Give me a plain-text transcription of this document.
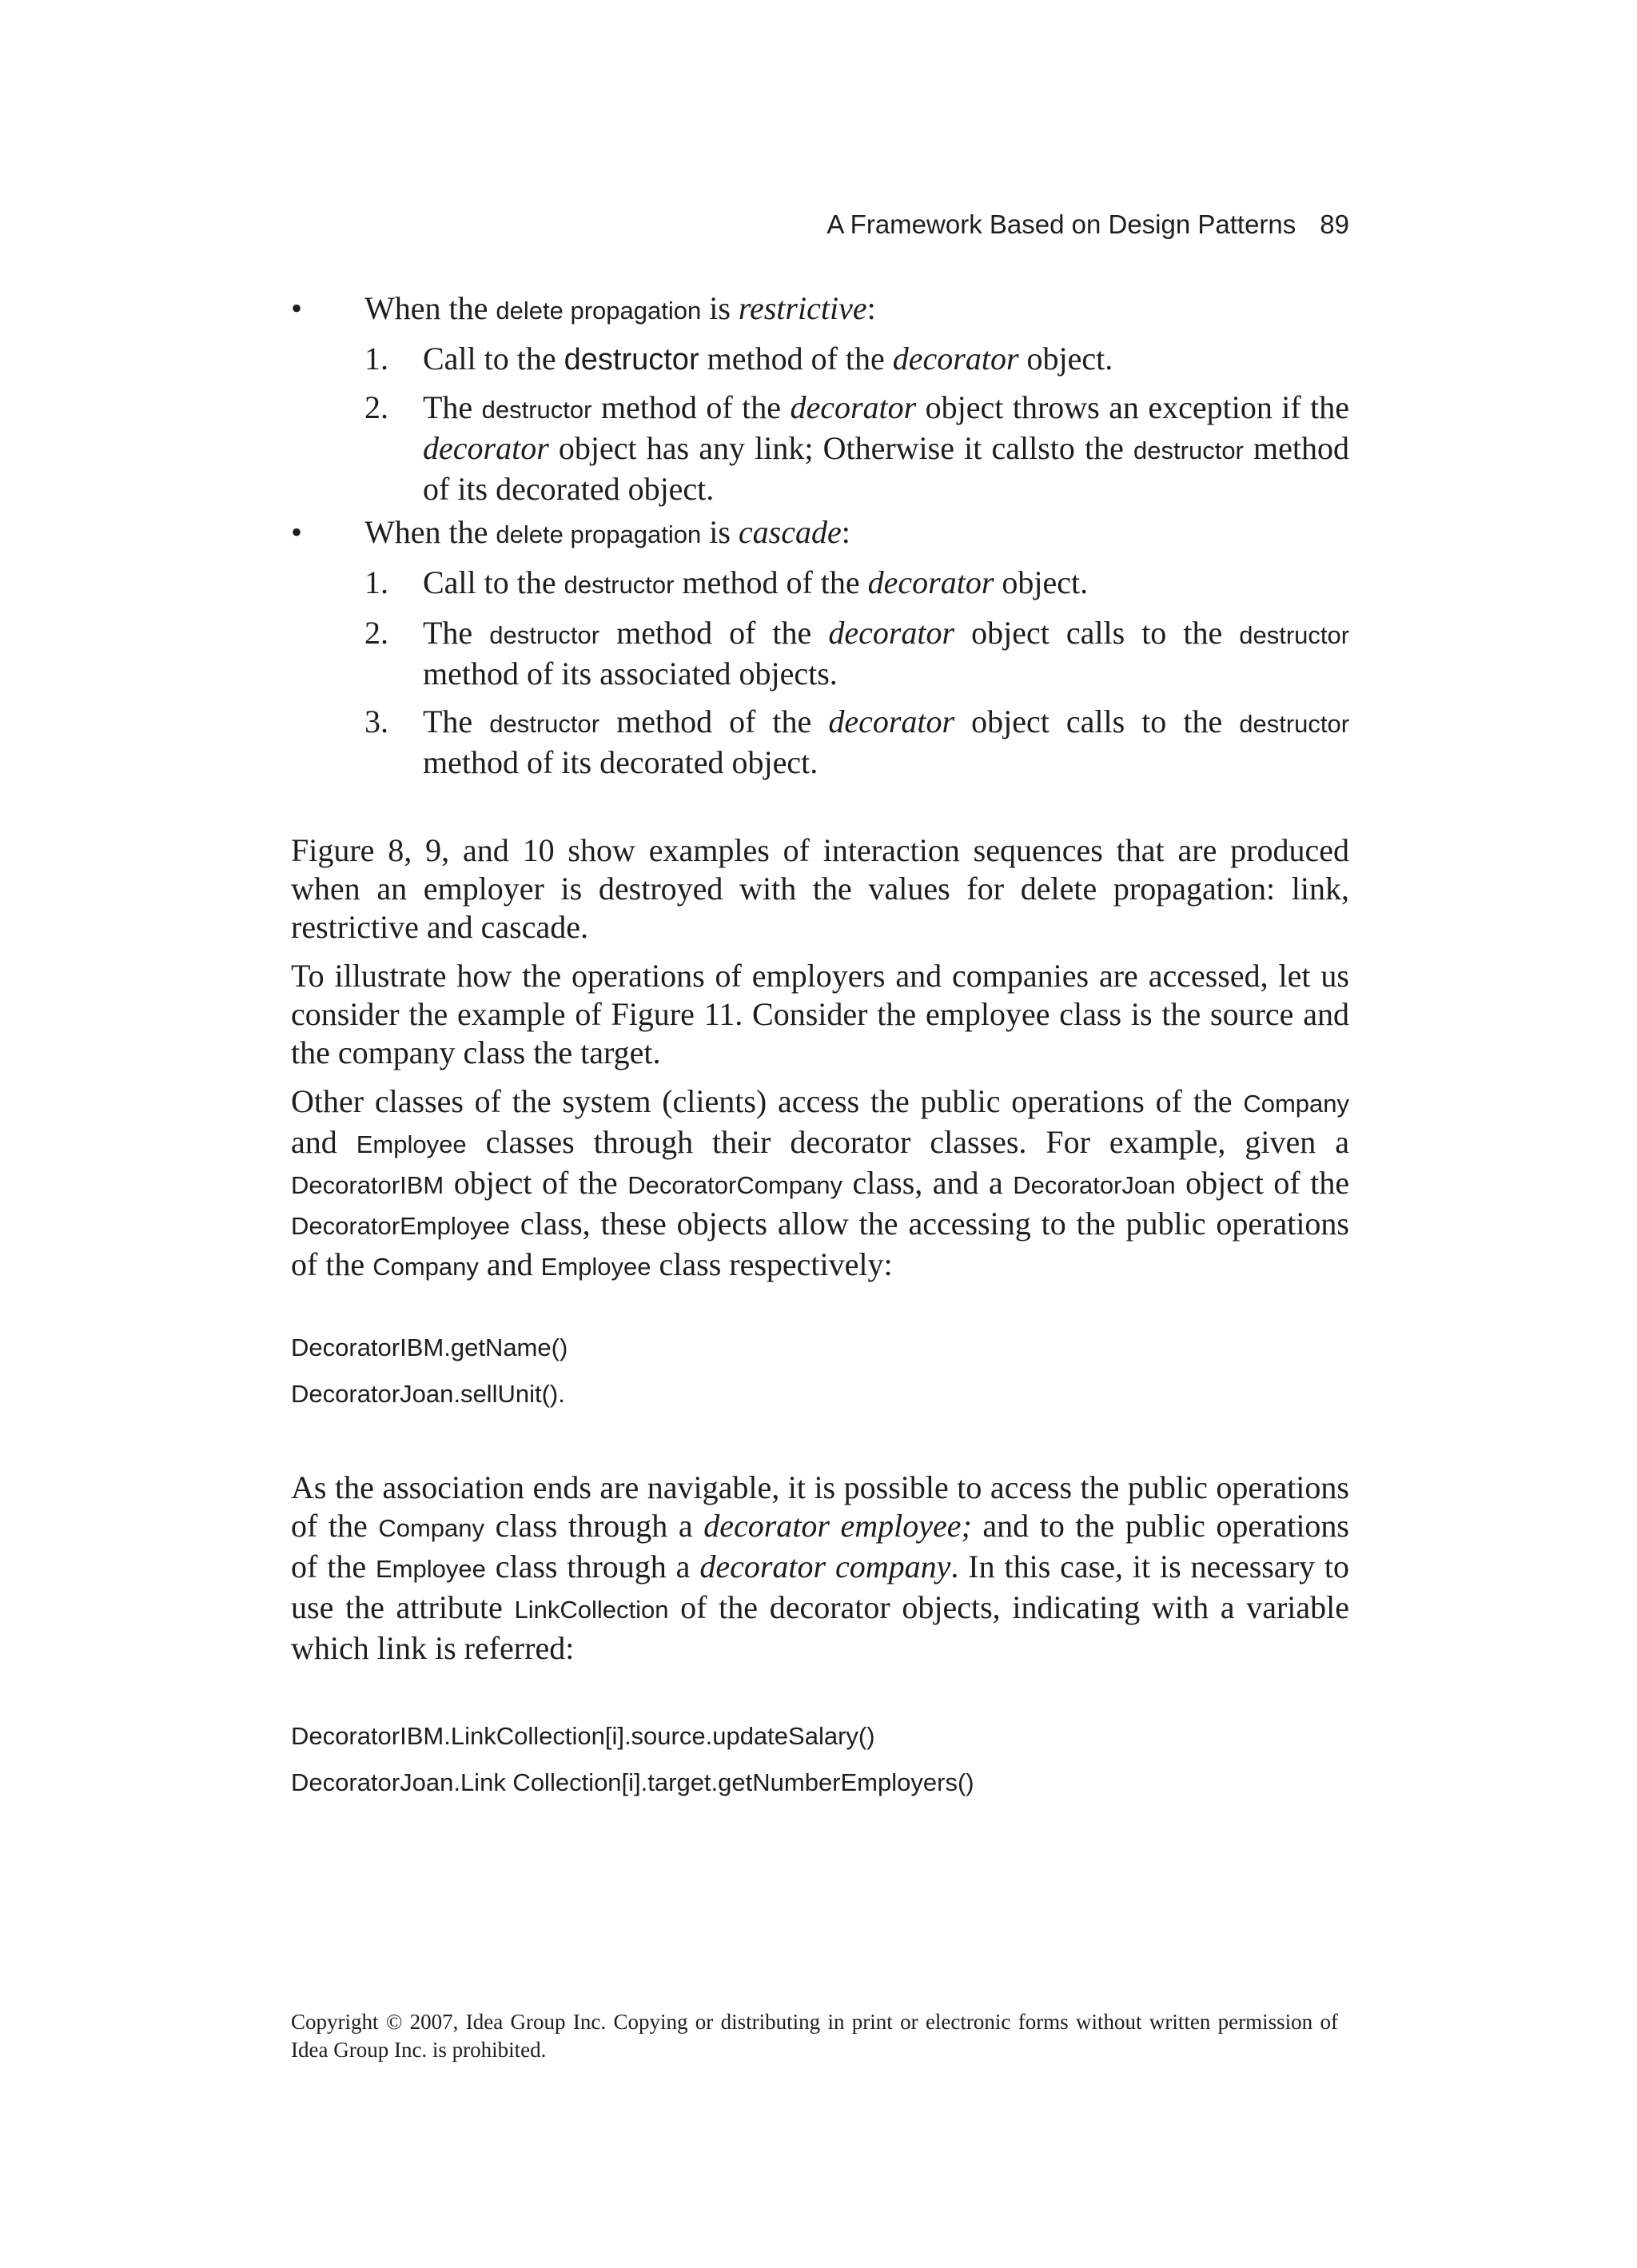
A Framework Based on Design Patterns 89
• When the delete propagation is restrictive:
1. Call to the destructor method of the decorator object.
2. The destructor method of the decorator object throws an exception if the decorator object has any link; Otherwise it callsto the destructor method of its decorated object.
• When the delete propagation is cascade:
1. Call to the destructor method of the decorator object.
2. The destructor method of the decorator object calls to the destructor method of its associated objects.
3. The destructor method of the decorator object calls to the destructor method of its decorated object.

Figure 8, 9, and 10 show examples of interaction sequences that are produced when an employer is destroyed with the values for delete propagation: link, restrictive and cascade.

To illustrate how the operations of employers and companies are accessed, let us consider the example of Figure 11. Consider the employee class is the source and the company class the target.

Other classes of the system (clients) access the public operations of the Company and Employee classes through their decorator classes. For example, given a DecoratorIBM object of the DecoratorCompany class, and a DecoratorJoan object of the DecoratorEmployee class, these objects allow the accessing to the public operations of the Company and Employee class respectively:

DecoratorIBM.getName()
DecoratorJoan.sellUnit().

As the association ends are navigable, it is possible to access the public operations of the Company class through a decorator employee; and to the public operations of the Employee class through a decorator company. In this case, it is necessary to use the attribute LinkCollection of the decorator objects, indicating with a variable which link is referred:

DecoratorIBM.LinkCollection[i].source.updateSalary()
DecoratorJoan.Link Collection[i].target.getNumberEmployers()
Copyright © 2007, Idea Group Inc. Copying or distributing in print or electronic forms without written permission of Idea Group Inc. is prohibited.
